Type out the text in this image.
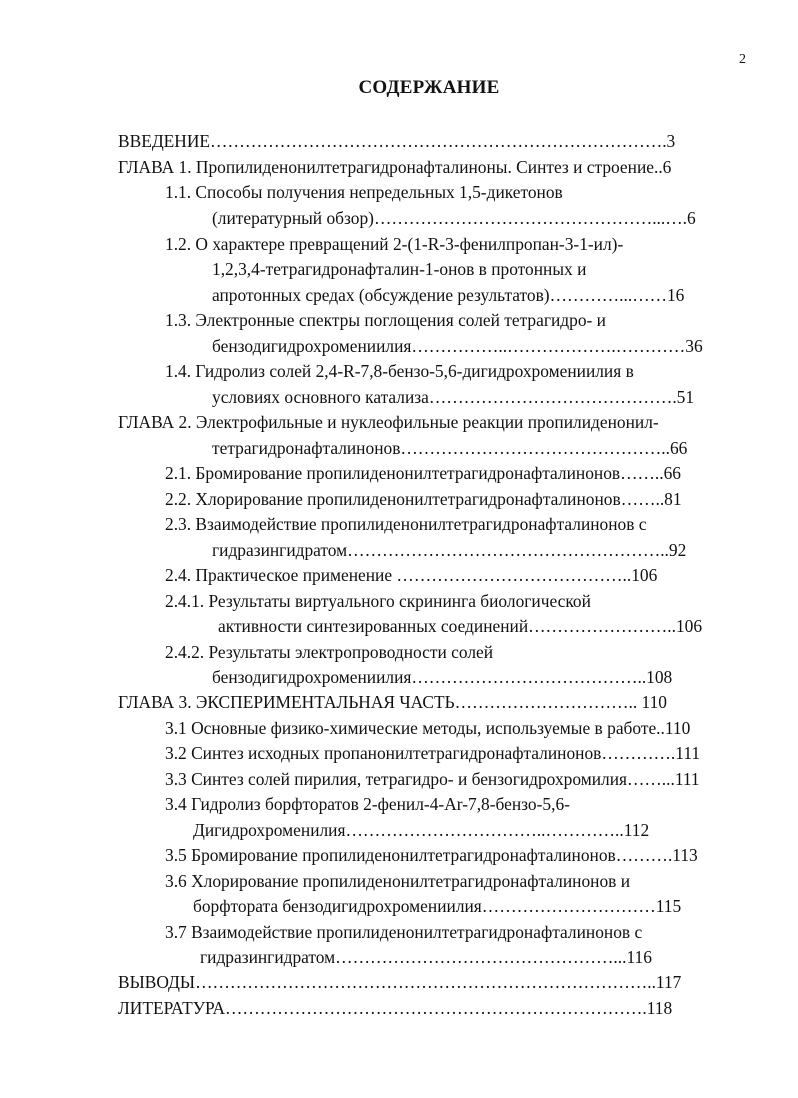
2
СОДЕРЖАНИЕ
ВВЕДЕНИЕ…………………………………………………………………….3
ГЛАВА 1. Пропилиденонилтетрагидронафталиноны. Синтез и строение..6
1.1. Способы получения непредельных 1,5-дикетонов
(литературный обзор)…………………………………………...….6
1.2. О характере превращений 2-(1-R-3-фенилпропан-3-1-ил)-
1,2,3,4-тетрагидронафталин-1-онов в протонных и
апротонных средах (обсуждение результатов)…………...……16
1.3. Электронные спектры поглощения солей тетрагидро- и
бензодигидрохромениилия……………..……………….…………36
1.4. Гидролиз солей 2,4-R-7,8-бензо-5,6-дигидрохромениилия в
условиях основного катализа…………………………………….51
ГЛАВА 2. Электрофильные и нуклеофильные реакции пропилиденонил-
тетрагидронафталинонов………………………………………..66
2.1. Бромирование пропилиденонилтетрагидронафталинонов……..66
2.2. Хлорирование пропилиденонилтетрагидронафталинонов……..81
2.3. Взаимодействие пропилиденонилтетрагидронафталинонов с
гидразингидратом………………………………………………..92
2.4. Практическое применение …………………………………..106
2.4.1. Результаты виртуального скрининга биологической
активности синтезированных соединений……………………..106
2.4.2. Результаты электропроводности солей
бензодигидрохромениилия…………………………………..108
ГЛАВА 3. ЭКСПЕРИМЕНТАЛЬНАЯ ЧАСТЬ………………………….. 110
3.1 Основные физико-химические методы, используемые в работе..110
3.2 Синтез исходных пропанонилтетрагидронафталинонов………….111
3.3 Синтез солей пирилия, тетрагидро- и бензогидрохромилия……...111
3.4 Гидролиз борфторатов 2-фенил-4-Ar-7,8-бензо-5,6-
Дигидрохроменилия……………………………..…………..112
3.5 Бромирование пропилиденонилтетрагидронафталинонов……….113
3.6 Хлорирование пропилиденонилтетрагидронафталинонов и
борфтората бензодигидрохромениилия…………………………115
3.7 Взаимодействие пропилиденонилтетрагидронафталинонов с
гидразингидратом…………………………………………...116
ВЫВОДЫ……………………………………………………………………..117
ЛИТЕРАТУРА……………………………………………………………….118
